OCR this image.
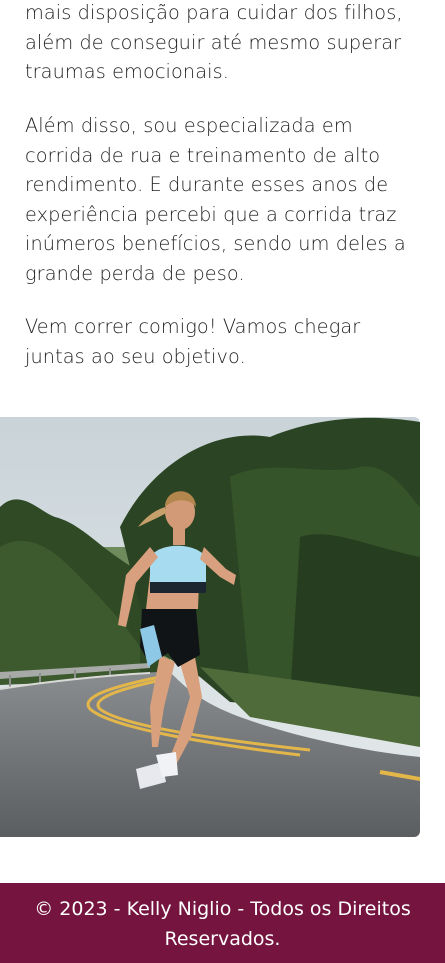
mais disposição para cuidar dos filhos, além de conseguir até mesmo superar traumas emocionais.

Além disso, sou especializada em corrida de rua e treinamento de alto rendimento. E durante esses anos de experiência percebi que a corrida traz inúmeros benefícios, sendo um deles a grande perda de peso.

Vem correr comigo! Vamos chegar juntas ao seu objetivo.

© 2023 - Kelly Niglio - Todos os Direitos Reservados.
